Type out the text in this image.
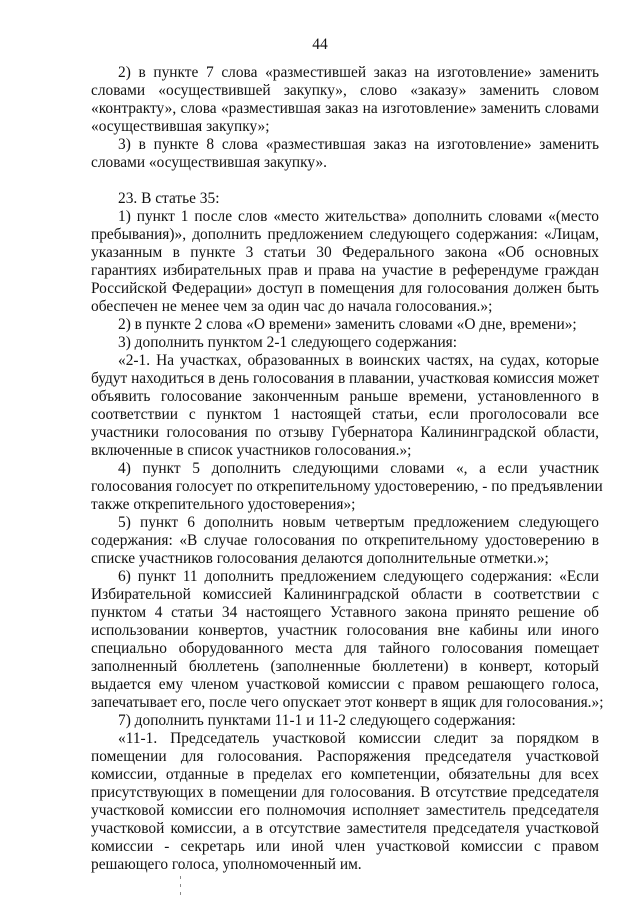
44
2) в пункте 7 слова «разместившей заказ на изготовление» заменить
словами «осуществившей закупку», слово «заказу» заменить словом
«контракту», слова «разместившая заказ на изготовление» заменить словами
«осуществившая закупку»;
3) в пункте 8 слова «разместившая заказ на изготовление» заменить
словами «осуществившая закупку».
23. В статье 35:
1) пункт 1 после слов «место жительства» дополнить словами «(место
пребывания)», дополнить предложением следующего содержания: «Лицам,
указанным в пункте 3 статьи 30 Федерального закона «Об основных
гарантиях избирательных прав и права на участие в референдуме граждан
Российской Федерации» доступ в помещения для голосования должен быть
обеспечен не менее чем за один час до начала голосования.»;
2) в пункте 2 слова «О времени» заменить словами «О дне, времени»;
3) дополнить пунктом 2-1 следующего содержания:
«2-1. На участках, образованных в воинских частях, на судах, которые
будут находиться в день голосования в плавании, участковая комиссия может
объявить голосование законченным раньше времени, установленного в
соответствии с пунктом 1 настоящей статьи, если проголосовали все
участники голосования по отзыву Губернатора Калининградской области,
включенные в список участников голосования.»;
4) пункт 5 дополнить следующими словами «, а если участник
голосования голосует по открепительному удостоверению, - по предъявлении
также открепительного удостоверения»;
5) пункт 6 дополнить новым четвертым предложением следующего
содержания: «В случае голосования по открепительному удостоверению в
списке участников голосования делаются дополнительные отметки.»;
6) пункт 11 дополнить предложением следующего содержания: «Если
Избирательной комиссией Калининградской области в соответствии с
пунктом 4 статьи 34 настоящего Уставного закона принято решение об
использовании конвертов, участник голосования вне кабины или иного
специально оборудованного места для тайного голосования помещает
заполненный бюллетень (заполненные бюллетени) в конверт, который
выдается ему членом участковой комиссии с правом решающего голоса,
запечатывает его, после чего опускает этот конверт в ящик для голосования.»;
7) дополнить пунктами 11-1 и 11-2 следующего содержания:
«11-1. Председатель участковой комиссии следит за порядком в
помещении для голосования. Распоряжения председателя участковой
комиссии, отданные в пределах его компетенции, обязательны для всех
присутствующих в помещении для голосования. В отсутствие председателя
участковой комиссии его полномочия исполняет заместитель председателя
участковой комиссии, а в отсутствие заместителя председателя участковой
комиссии - секретарь или иной член участковой комиссии с правом
решающего голоса, уполномоченный им.
